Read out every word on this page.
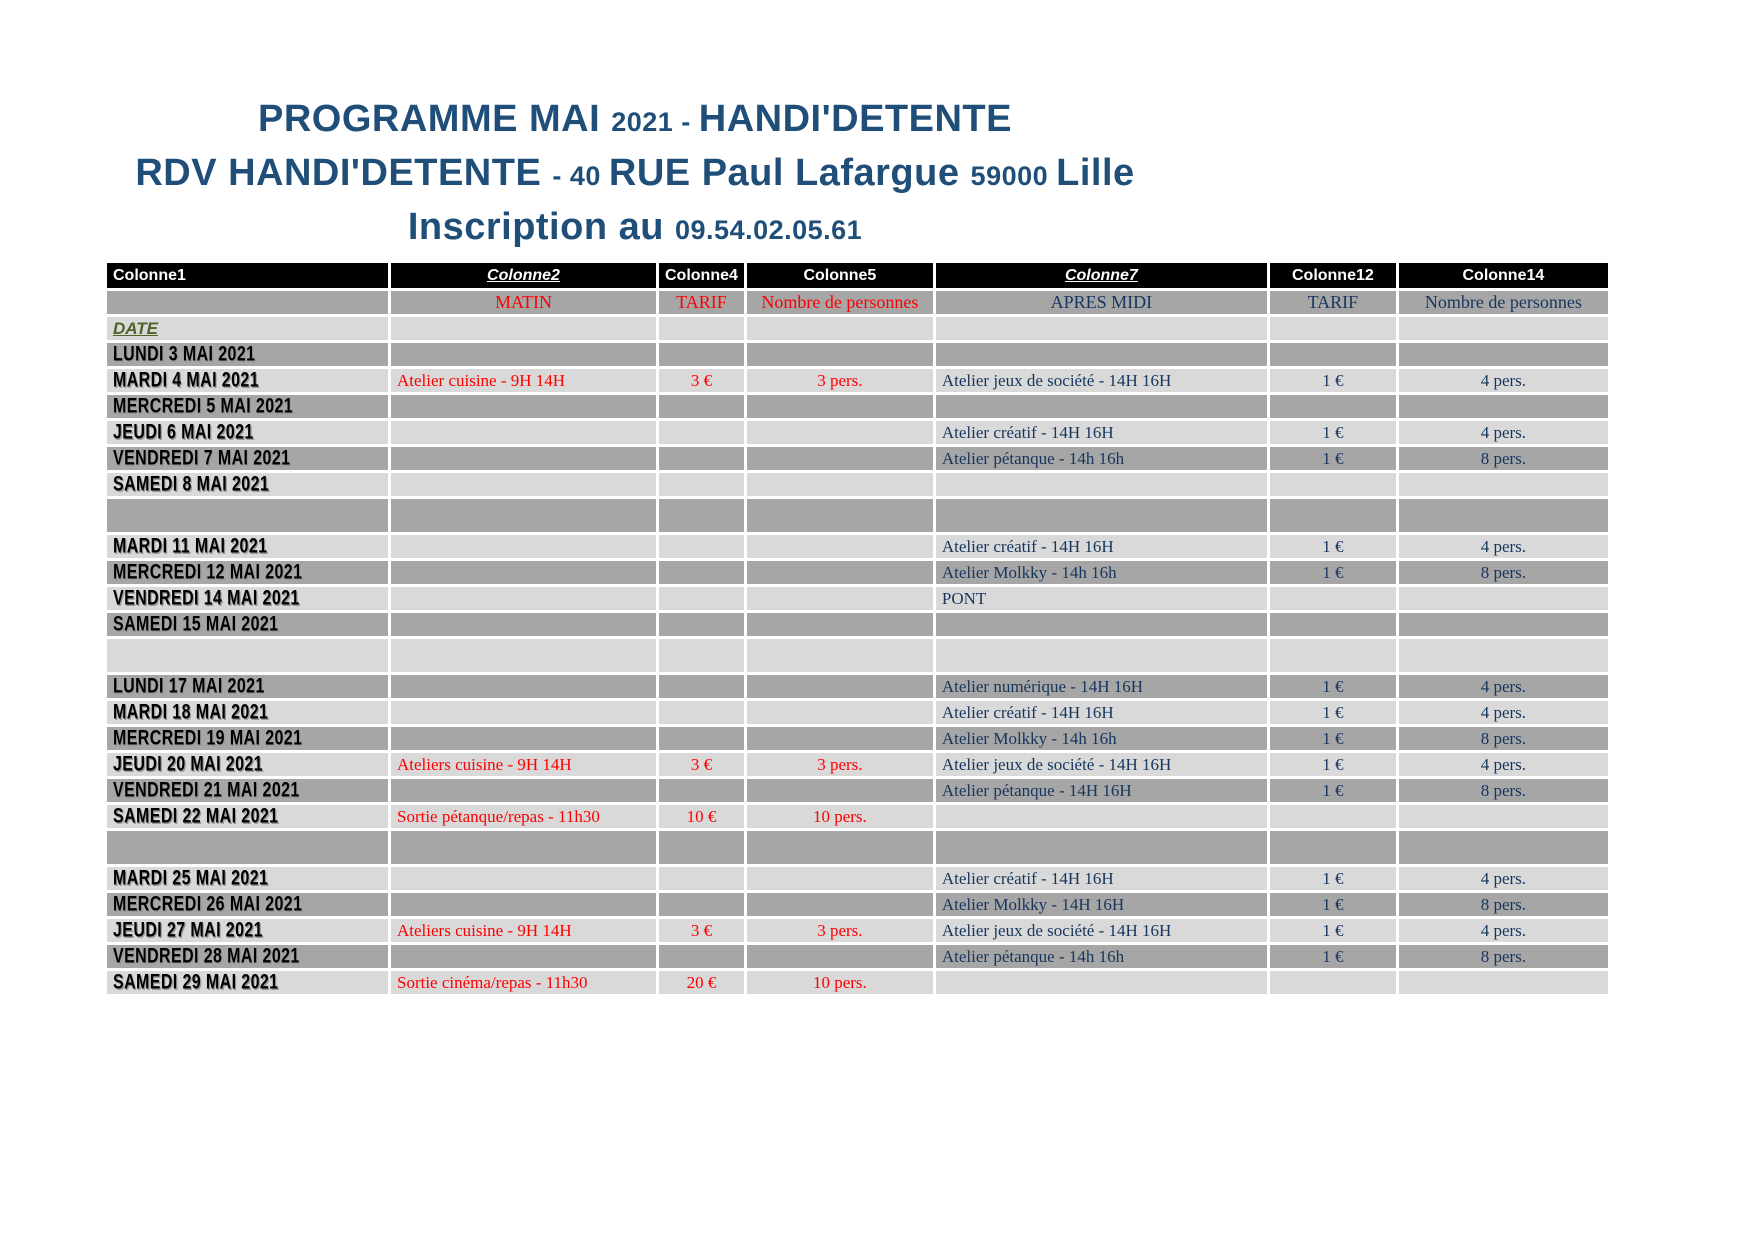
PROGRAMME MAI 2021 - HANDI'DETENTE
RDV HANDI'DETENTE - 40 RUE Paul Lafargue 59000 Lille
Inscription au 09.54.02.05.61
Colonne1	Colonne2	Colonne4	Colonne5	Colonne7	Colonne12	Colonne14
	MATIN	TARIF	Nombre de personnes	APRES MIDI	TARIF	Nombre de personnes
DATE						
LUNDI 3 MAI 2021						
MARDI 4 MAI 2021	Atelier cuisine - 9H 14H	3 €	3 pers.	Atelier jeux de société - 14H 16H	1 €	4 pers.
MERCREDI 5 MAI 2021						
JEUDI 6 MAI 2021				Atelier créatif - 14H 16H	1 €	4 pers.
VENDREDI 7 MAI 2021				Atelier pétanque - 14h 16h	1 €	8 pers.
SAMEDI 8 MAI 2021						

MARDI 11 MAI 2021				Atelier créatif - 14H 16H	1 €	4 pers.
MERCREDI 12 MAI 2021				Atelier Molkky - 14h 16h	1 €	8 pers.
VENDREDI 14 MAI 2021				PONT		
SAMEDI 15 MAI 2021						

LUNDI 17 MAI 2021				Atelier numérique - 14H 16H	1 €	4 pers.
MARDI 18 MAI 2021				Atelier créatif - 14H 16H	1 €	4 pers.
MERCREDI 19 MAI 2021				Atelier Molkky - 14h 16h	1 €	8 pers.
JEUDI 20 MAI 2021	Ateliers cuisine - 9H 14H	3 €	3 pers.	Atelier jeux de société - 14H 16H	1 €	4 pers.
VENDREDI 21 MAI 2021				Atelier pétanque - 14H 16H	1 €	8 pers.
SAMEDI 22 MAI 2021	Sortie pétanque/repas - 11h30	10 €	10 pers.			

MARDI 25 MAI 2021				Atelier créatif - 14H 16H	1 €	4 pers.
MERCREDI 26 MAI 2021				Atelier Molkky - 14H 16H	1 €	8 pers.
JEUDI 27 MAI 2021	Ateliers cuisine - 9H 14H	3 €	3 pers.	Atelier jeux de société - 14H 16H	1 €	4 pers.
VENDREDI 28 MAI 2021				Atelier pétanque - 14h 16h	1 €	8 pers.
SAMEDI 29 MAI 2021	Sortie cinéma/repas - 11h30	20 €	10 pers.			
